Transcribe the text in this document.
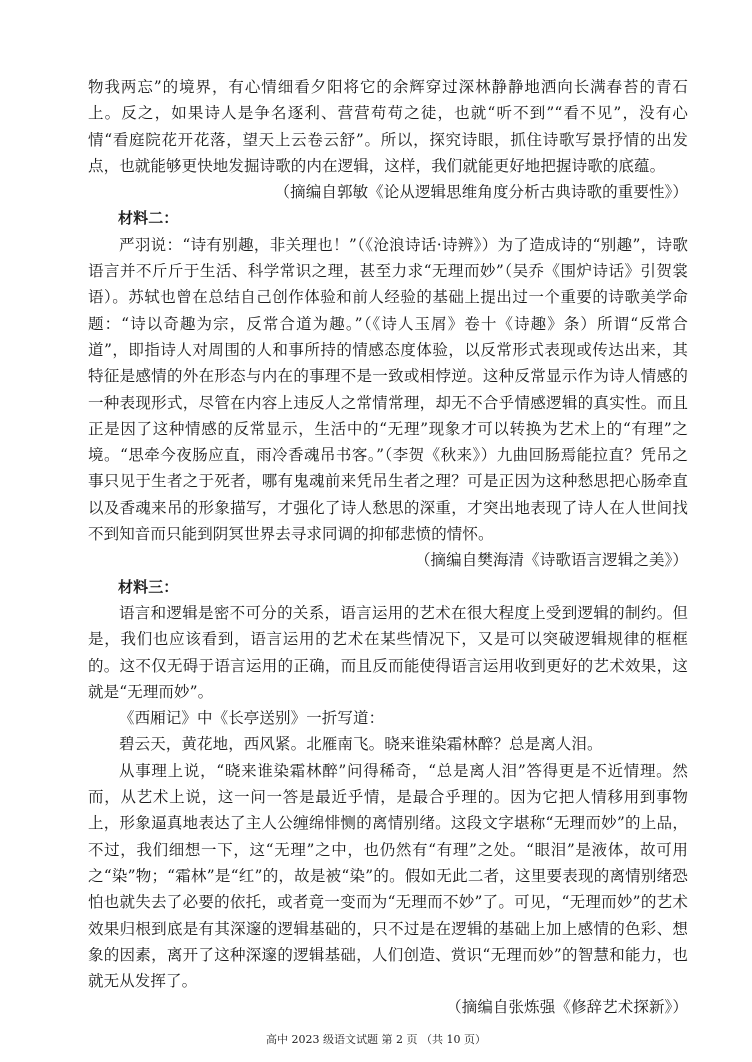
物我两忘”的境界，有心情细看夕阳将它的余辉穿过深林静静地洒向长满春苔的青石上。反之，如果诗人是争名逐利、营营苟苟之徒，也就“听不到”“看不见”，没有心情“看庭院花开花落，望天上云卷云舒”。所以，探究诗眼，抓住诗歌写景抒情的出发点，也就能够更快地发掘诗歌的内在逻辑，这样，我们就能更好地把握诗歌的底蕴。

（摘编自郭敏《论从逻辑思维角度分析古典诗歌的重要性》）

材料二：

严羽说：“诗有别趣，非关理也！”（《沧浪诗话·诗辨》）为了造成诗的“别趣”，诗歌语言并不斤斤于生活、科学常识之理，甚至力求“无理而妙”（吴乔《围炉诗话》引贺裳语）。苏轼也曾在总结自己创作体验和前人经验的基础上提出过一个重要的诗歌美学命题：“诗以奇趣为宗，反常合道为趣。”（《诗人玉屑》卷十《诗趣》条）所谓“反常合道”，即指诗人对周围的人和事所持的情感态度体验，以反常形式表现或传达出来，其特征是感情的外在形态与内在的事理不是一致或相悖逆。这种反常显示作为诗人情感的一种表现形式，尽管在内容上违反人之常情常理，却无不合乎情感逻辑的真实性。而且正是因了这种情感的反常显示，生活中的“无理”现象才可以转换为艺术上的“有理”之境。“思牵今夜肠应直，雨冷香魂吊书客。”（李贺《秋来》）九曲回肠焉能拉直？凭吊之事只见于生者之于死者，哪有鬼魂前来凭吊生者之理？可是正因为这种愁思把心肠牵直以及香魂来吊的形象描写，才强化了诗人愁思的深重，才突出地表现了诗人在人世间找不到知音而只能到阴冥世界去寻求同调的抑郁悲愤的情怀。

（摘编自樊海清《诗歌语言逻辑之美》）

材料三：

语言和逻辑是密不可分的关系，语言运用的艺术在很大程度上受到逻辑的制约。但是，我们也应该看到，语言运用的艺术在某些情况下，又是可以突破逻辑规律的框框的。这不仅无碍于语言运用的正确，而且反而能使得语言运用收到更好的艺术效果，这就是“无理而妙”。

《西厢记》中《长亭送别》一折写道：

碧云天，黄花地，西风紧。北雁南飞。晓来谁染霜林醉？总是离人泪。

从事理上说，“晓来谁染霜林醉”问得稀奇，“总是离人泪”答得更是不近情理。然而，从艺术上说，这一问一答是最近乎情，是最合乎理的。因为它把人情移用到事物上，形象逼真地表达了主人公缠绵悱恻的离情别绪。这段文字堪称“无理而妙”的上品，不过，我们细想一下，这“无理”之中，也仍然有“有理”之处。“眼泪”是液体，故可用之“染”物；“霜林”是“红”的，故是被“染”的。假如无此二者，这里要表现的离情别绪恐怕也就失去了必要的依托，或者竟一变而为“无理而不妙”了。可见，“无理而妙”的艺术效果归根到底是有其深邃的逻辑基础的，只不过是在逻辑的基础上加上感情的色彩、想象的因素，离开了这种深邃的逻辑基础，人们创造、赏识“无理而妙”的智慧和能力，也就无从发挥了。

（摘编自张炼强《修辞艺术探新》）

高中 2023 级语文试题 第 2 页 （共 10 页）
